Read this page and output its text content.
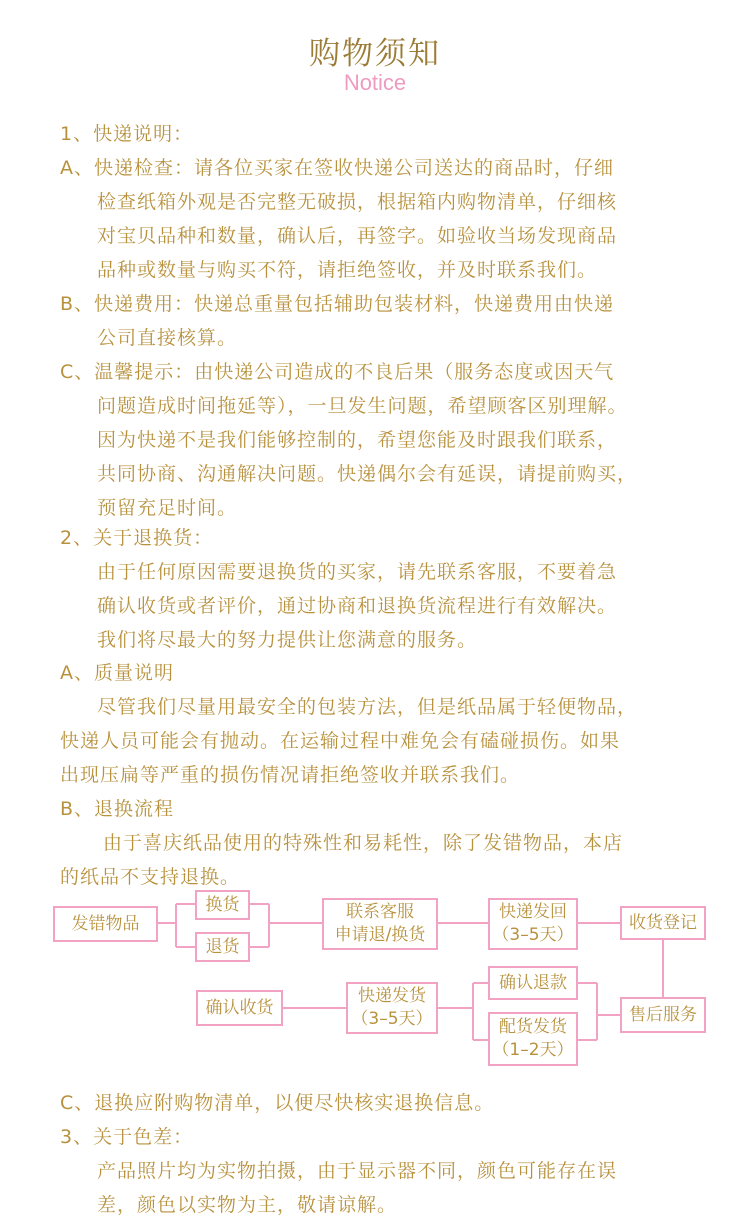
购物须知
Notice
1、快递说明：
A、快递检查：请各位买家在签收快递公司送达的商品时，仔细
检查纸箱外观是否完整无破损，根据箱内购物清单，仔细核
对宝贝品种和数量，确认后，再签字。如验收当场发现商品
品种或数量与购买不符，请拒绝签收，并及时联系我们。
B、快递费用：快递总重量包括辅助包装材料，快递费用由快递
公司直接核算。
C、温馨提示：由快递公司造成的不良后果（服务态度或因天气
问题造成时间拖延等），一旦发生问题，希望顾客区别理解。
因为快递不是我们能够控制的，希望您能及时跟我们联系，
共同协商、沟通解决问题。快递偶尔会有延误，请提前购买，
预留充足时间。
2、关于退换货：
由于任何原因需要退换货的买家，请先联系客服，不要着急
确认收货或者评价，通过协商和退换货流程进行有效解决。
我们将尽最大的努力提供让您满意的服务。
A、质量说明
尽管我们尽量用最安全的包装方法，但是纸品属于轻便物品，
快递人员可能会有抛动。在运输过程中难免会有磕碰损伤。如果
出现压扁等严重的损伤情况请拒绝签收并联系我们。
B、退换流程
由于喜庆纸品使用的特殊性和易耗性，除了发错物品，本店
的纸品不支持退换。
发错物品
换货
退货
联系客服
申请退/换货
快递发回
（3–5天）
收货登记
售后服务
确认退款
配货发货
（1–2天）
快递发货
（3–5天）
确认收货
C、退换应附购物清单，以便尽快核实退换信息。
3、关于色差：
产品照片均为实物拍摄，由于显示器不同，颜色可能存在误
差，颜色以实物为主，敬请谅解。
